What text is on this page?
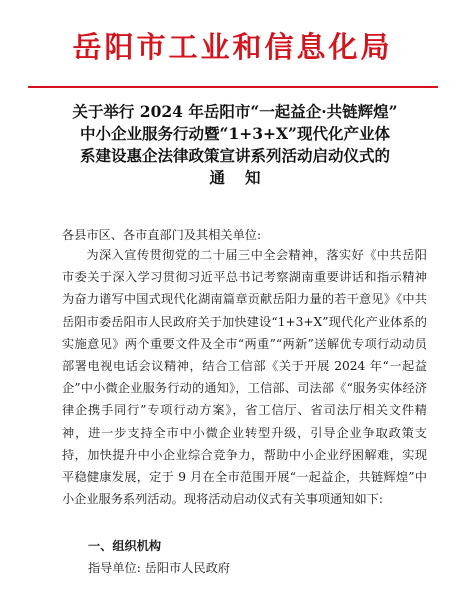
岳阳市工业和信息化局
关于举行 2024 年岳阳市“一起益企·共链辉煌”
中小企业服务行动暨“1+3+X”现代化产业体
系建设惠企法律政策宣讲系列活动启动仪式的
通知
各县市区、各市直部门及其相关单位:

为深入宣传贯彻党的二十届三中全会精神，落实好《中共岳阳市委关于深入学习贯彻习近平总书记考察湖南重要讲话和指示精神为奋力谱写中国式现代化湖南篇章贡献岳阳力量的若干意见》《中共岳阳市委岳阳市人民政府关于加快建设“1+3+X”现代化产业体系的实施意见》两个重要文件及全市“两重”“两新”送解优专项行动动员部署电视电话会议精神，结合工信部《关于开展 2024 年“一起益企”中小微企业服务行动的通知》，工信部、司法部《“服务实体经济 律企携手同行”专项行动方案》，省工信厅、省司法厅相关文件精神，进一步支持全市中小微企业转型升级，引导企业争取政策支持，加快提升中小企业综合竞争力，帮助中小企业纾困解难，实现平稳健康发展，定于 9 月在全市范围开展“一起益企，共链辉煌”中小企业服务系列活动。现将活动启动仪式有关事项通知如下:

一、组织机构
指导单位: 岳阳市人民政府
